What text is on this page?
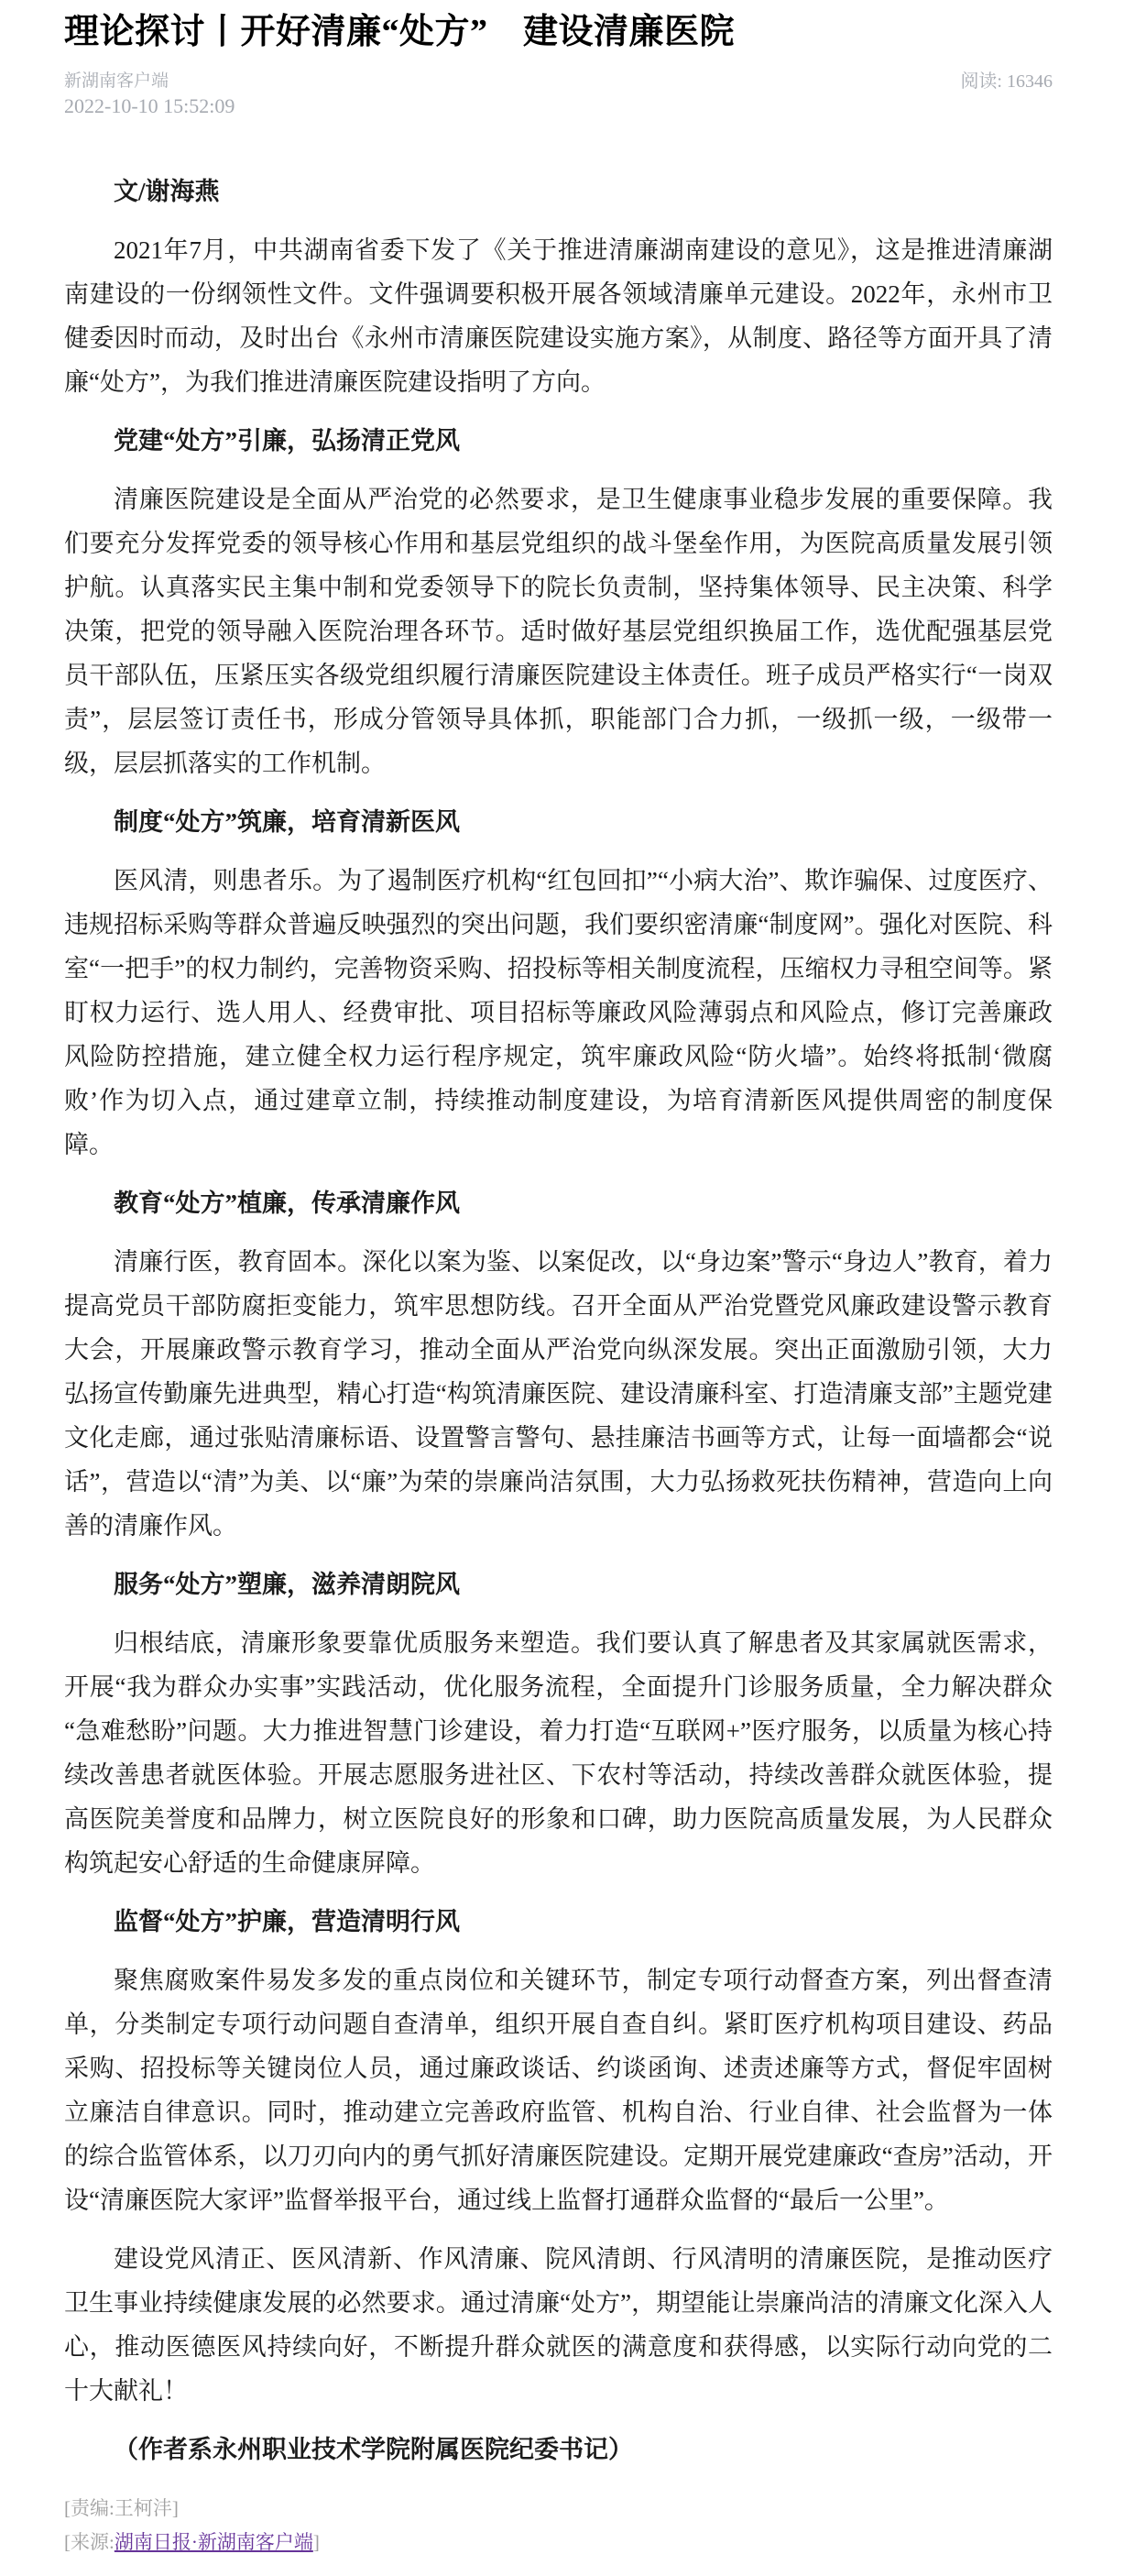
理论探讨丨开好清廉“处方”　建设清廉医院
新湖南客户端
2022-10-10 15:52:09
阅读: 16346

文/谢海燕

2021年7月，中共湖南省委下发了《关于推进清廉湖南建设的意见》，这是推进清廉湖南建设的一份纲领性文件。文件强调要积极开展各领域清廉单元建设。2022年，永州市卫健委因时而动，及时出台《永州市清廉医院建设实施方案》，从制度、路径等方面开具了清廉“处方”，为我们推进清廉医院建设指明了方向。

党建“处方”引廉，弘扬清正党风

清廉医院建设是全面从严治党的必然要求，是卫生健康事业稳步发展的重要保障。我们要充分发挥党委的领导核心作用和基层党组织的战斗堡垒作用，为医院高质量发展引领护航。认真落实民主集中制和党委领导下的院长负责制，坚持集体领导、民主决策、科学决策，把党的领导融入医院治理各环节。适时做好基层党组织换届工作，选优配强基层党员干部队伍，压紧压实各级党组织履行清廉医院建设主体责任。班子成员严格实行“一岗双责”，层层签订责任书，形成分管领导具体抓，职能部门合力抓，一级抓一级，一级带一级，层层抓落实的工作机制。

制度“处方”筑廉，培育清新医风

医风清，则患者乐。为了遏制医疗机构“红包回扣”“小病大治”、欺诈骗保、过度医疗、违规招标采购等群众普遍反映强烈的突出问题，我们要织密清廉“制度网”。强化对医院、科室“一把手”的权力制约，完善物资采购、招投标等相关制度流程，压缩权力寻租空间等。紧盯权力运行、选人用人、经费审批、项目招标等廉政风险薄弱点和风险点，修订完善廉政风险防控措施，建立健全权力运行程序规定，筑牢廉政风险“防火墙”。始终将抵制‘微腐败’作为切入点，通过建章立制，持续推动制度建设，为培育清新医风提供周密的制度保障。

教育“处方”植廉，传承清廉作风

清廉行医，教育固本。深化以案为鉴、以案促改，以“身边案”警示“身边人”教育，着力提高党员干部防腐拒变能力，筑牢思想防线。召开全面从严治党暨党风廉政建设警示教育大会，开展廉政警示教育学习，推动全面从严治党向纵深发展。突出正面激励引领，大力弘扬宣传勤廉先进典型，精心打造“构筑清廉医院、建设清廉科室、打造清廉支部”主题党建文化走廊，通过张贴清廉标语、设置警言警句、悬挂廉洁书画等方式，让每一面墙都会“说话”，营造以“清”为美、以“廉”为荣的崇廉尚洁氛围，大力弘扬救死扶伤精神，营造向上向善的清廉作风。

服务“处方”塑廉，滋养清朗院风

归根结底，清廉形象要靠优质服务来塑造。我们要认真了解患者及其家属就医需求，开展“我为群众办实事”实践活动，优化服务流程，全面提升门诊服务质量，全力解决群众“急难愁盼”问题。大力推进智慧门诊建设，着力打造“互联网+”医疗服务，以质量为核心持续改善患者就医体验。开展志愿服务进社区、下农村等活动，持续改善群众就医体验，提高医院美誉度和品牌力，树立医院良好的形象和口碑，助力医院高质量发展，为人民群众构筑起安心舒适的生命健康屏障。

监督“处方”护廉，营造清明行风

聚焦腐败案件易发多发的重点岗位和关键环节，制定专项行动督查方案，列出督查清单，分类制定专项行动问题自查清单，组织开展自查自纠。紧盯医疗机构项目建设、药品采购、招投标等关键岗位人员，通过廉政谈话、约谈函询、述责述廉等方式，督促牢固树立廉洁自律意识。同时，推动建立完善政府监管、机构自治、行业自律、社会监督为一体的综合监管体系，以刀刃向内的勇气抓好清廉医院建设。定期开展党建廉政“查房”活动，开设“清廉医院大家评”监督举报平台，通过线上监督打通群众监督的“最后一公里”。

建设党风清正、医风清新、作风清廉、院风清朗、行风清明的清廉医院，是推动医疗卫生事业持续健康发展的必然要求。通过清廉“处方”，期望能让崇廉尚洁的清廉文化深入人心，推动医德医风持续向好，不断提升群众就医的满意度和获得感，以实际行动向党的二十大献礼！

（作者系永州职业技术学院附属医院纪委书记）

[责编:王柯沣]
[来源:湖南日报·新湖南客户端]
